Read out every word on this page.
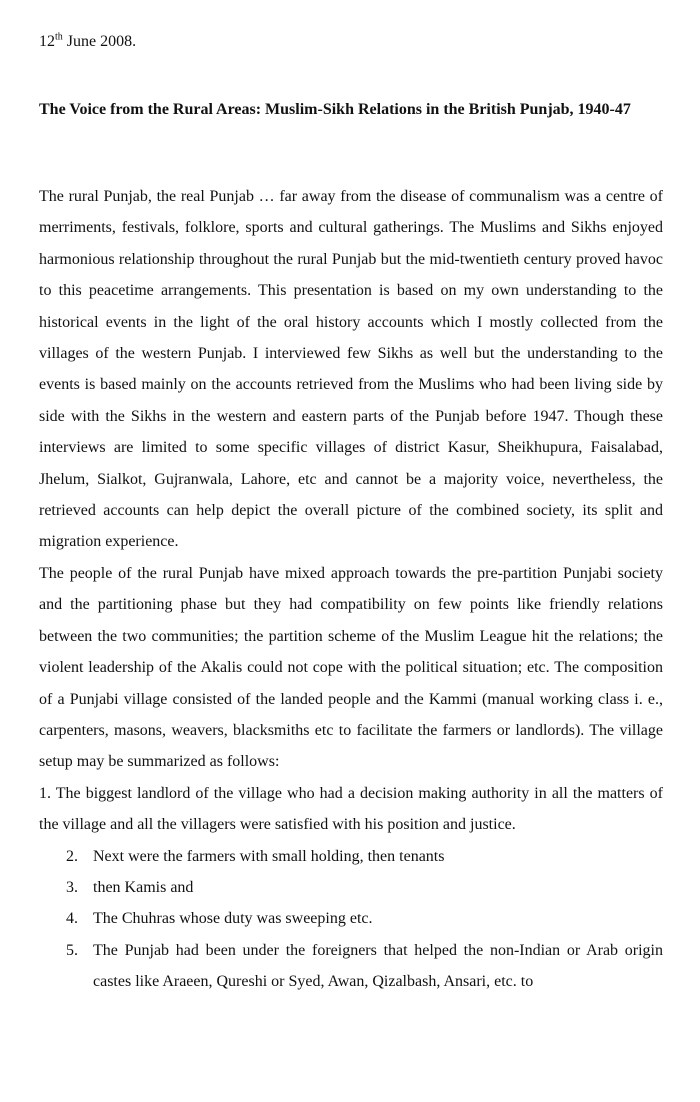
12th June 2008.
The Voice from the Rural Areas: Muslim-Sikh Relations in the British Punjab, 1940-47

The rural Punjab, the real Punjab … far away from the disease of communalism was a centre of merriments, festivals, folklore, sports and cultural gatherings. The Muslims and Sikhs enjoyed harmonious relationship throughout the rural Punjab but the mid-twentieth century proved havoc to this peacetime arrangements. This presentation is based on my own understanding to the historical events in the light of the oral history accounts which I mostly collected from the villages of the western Punjab. I interviewed few Sikhs as well but the understanding to the events is based mainly on the accounts retrieved from the Muslims who had been living side by side with the Sikhs in the western and eastern parts of the Punjab before 1947. Though these interviews are limited to some specific villages of district Kasur, Sheikhupura, Faisalabad, Jhelum, Sialkot, Gujranwala, Lahore, etc and cannot be a majority voice, nevertheless, the retrieved accounts can help depict the overall picture of the combined society, its split and migration experience.

The people of the rural Punjab have mixed approach towards the pre-partition Punjabi society and the partitioning phase but they had compatibility on few points like friendly relations between the two communities; the partition scheme of the Muslim League hit the relations; the violent leadership of the Akalis could not cope with the political situation; etc. The composition of a Punjabi village consisted of the landed people and the Kammi (manual working class i. e., carpenters, masons, weavers, blacksmiths etc to facilitate the farmers or landlords). The village setup may be summarized as follows:

1. The biggest landlord of the village who had a decision making authority in all the matters of the village and all the villagers were satisfied with his position and justice.

2. Next were the farmers with small holding, then tenants
3. then Kamis and
4. The Chuhras whose duty was sweeping etc.
5. The Punjab had been under the foreigners that helped the non-Indian or Arab origin castes like Araeen, Qureshi or Syed, Awan, Qizalbash, Ansari, etc. to
